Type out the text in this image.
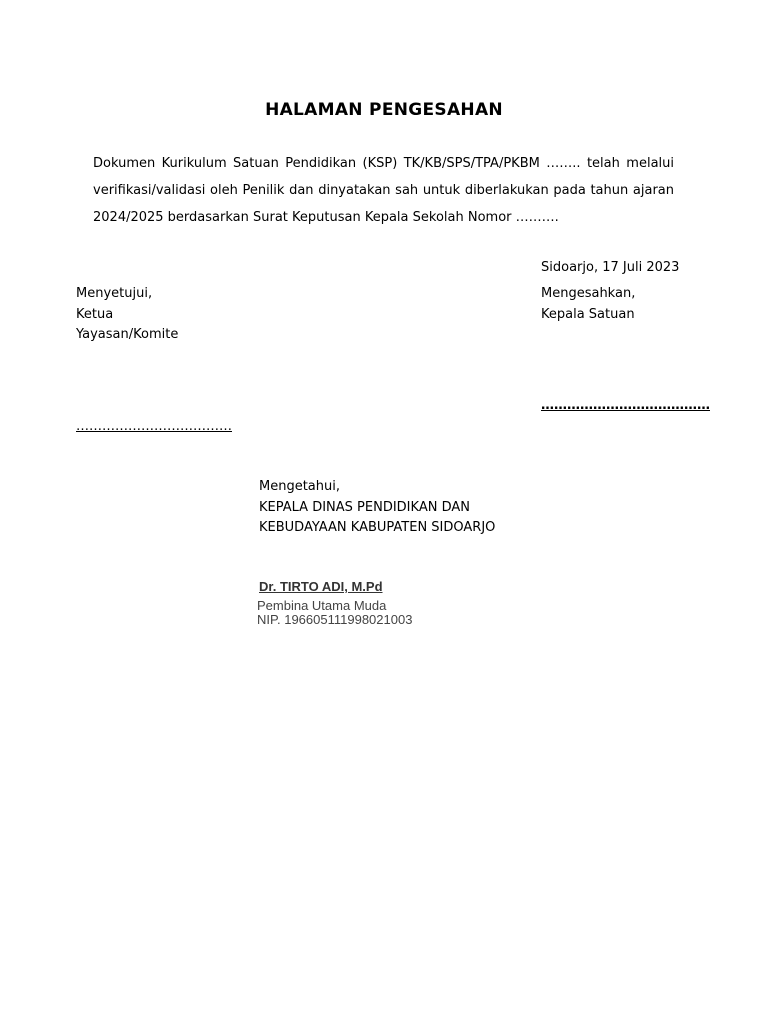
HALAMAN PENGESAHAN
Dokumen Kurikulum Satuan Pendidikan (KSP) TK/KB/SPS/TPA/PKBM …….. telah melalui verifikasi/validasi oleh Penilik dan dinyatakan sah untuk diberlakukan pada tahun ajaran 2024/2025 berdasarkan Surat Keputusan Kepala Sekolah Nomor ……….
Sidoarjo, 17 Juli 2023
Menyetujui,
Ketua
Yayasan/Komite
Mengesahkan,
Kepala Satuan
…………………………………
………………………………
Mengetahui,
KEPALA DINAS PENDIDIKAN DAN
KEBUDAYAAN KABUPATEN SIDOARJO
Dr. TIRTO ADI, M.Pd
Pembina Utama Muda
NIP. 196605111998021003
